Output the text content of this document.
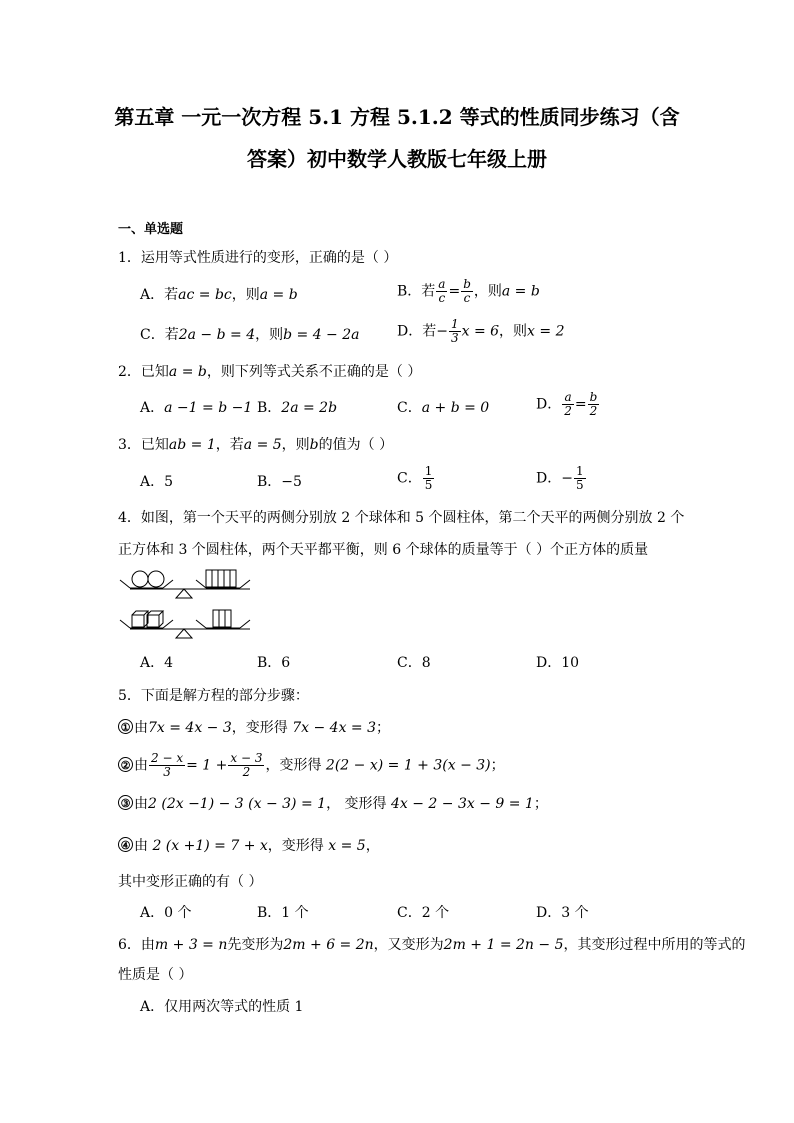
第五章 一元一次方程 5.1 方程 5.1.2 等式的性质同步练习（含
答案）初中数学人教版七年级上册
一、单选题
1．运用等式性质进行的变形，正确的是（ ）
A．若ac = bc，则a = b	B．若 $\frac{a}{c} = \frac{b}{c}$ ，则a = b
C．若2a − b = 4，则b = 4 − 2a	D．若− $\frac{1}{3}$ x = 6，则x = 2
2．已知a = b，则下列等式关系不正确的是（ ）
A．a −1 = b −1 B．2a = 2b	C．a + b = 0	D． $\frac{a}{2} = \frac{b}{2}$
3．已知ab = 1，若a = 5，则b的值为（ ）
A．5	B．−5	C． $\frac{1}{5}$	D．− $\frac{1}{5}$
4．如图，第一个天平的两侧分别放 2 个球体和 5 个圆柱体，第二个天平的两侧分别放 2 个
正方体和 3 个圆柱体，两个天平都平衡，则 6 个球体的质量等于（ ）个正方体的质量
A．4	B．6	C．8	D．10
5．下面是解方程的部分步骤：
① 由7x = 4x − 3，变形得 7x − 4x = 3；
② 由 $\frac{2 - x}{3} = 1 + \frac{x - 3}{2}$ ，变形得 2(2 − x) = 1 + 3(x − 3)；
③ 由2 (2x −1) − 3 (x − 3) = 1， 变形得 4x − 2 − 3x − 9 = 1；
④ 由 2 (x +1) = 7 + x，变形得 x = 5，
其中变形正确的有（ ）
A．0 个	B．1 个	C．2 个	D．3 个
6．由m + 3 = n先变形为2m + 6 = 2n，又变形为2m + 1 = 2n − 5，其变形过程中所用的等式的
性质是（ ）
A．仅用两次等式的性质 1
